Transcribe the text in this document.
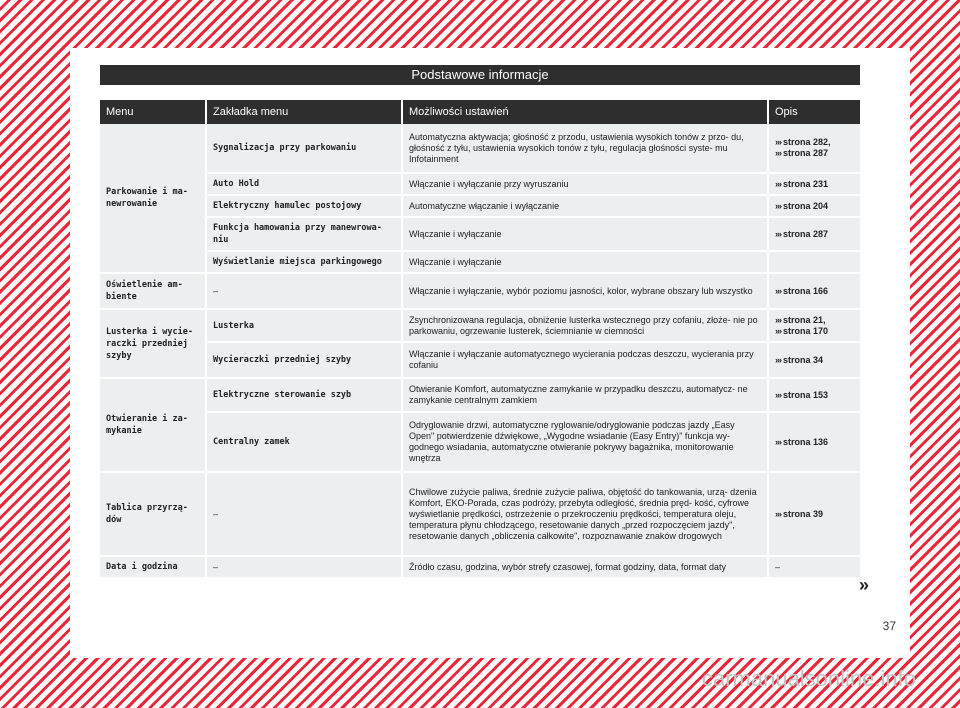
Podstawowe informacje
Menu	Zakładka menu	Możliwości ustawień	Opis
Parkowanie i ma- newrowanie	Sygnalizacja przy parkowaniu	Automatyczna aktywacja; głośność z przodu, ustawienia wysokich tonów z przo- du, głośność z tyłu, ustawienia wysokich tonów z tyłu, regulacja głośności syste- mu Infotainment	››› strona 282,
››› strona 287
	Auto Hold	Włączanie i wyłączanie przy wyruszaniu	››› strona 231
	Elektryczny hamulec postojowy	Automatyczne włączanie i wyłączanie	››› strona 204
	Funkcja hamowania przy manewrowa- niu	Włączanie i wyłączanie	››› strona 287
	Wyświetlanie miejsca parkingowego	Włączanie i wyłączanie	
Oświetlenie am- biente	–	Włączanie i wyłączanie, wybór poziomu jasności, kolor, wybrane obszary lub wszystko	››› strona 166
Lusterka i wycie- raczki przedniej szyby	Lusterka	Zsynchronizowana regulacja, obniżenie lusterka wstecznego przy cofaniu, złoże- nie po parkowaniu, ogrzewanie lusterek, ściemnianie w ciemności	››› strona 21,
››› strona 170
	Wycieraczki przedniej szyby	Włączanie i wyłączanie automatycznego wycierania podczas deszczu, wycierania przy cofaniu	››› strona 34
Otwieranie i za- mykanie	Elektryczne sterowanie szyb	Otwieranie Komfort, automatyczne zamykanie w przypadku deszczu, automatycz- ne zamykanie centralnym zamkiem	››› strona 153
	Centralny zamek	Odryglowanie drzwi, automatyczne ryglowanie/odryglowanie podczas jazdy „Easy Open" potwierdzenie dźwiękowe, „Wygodne wsiadanie (Easy Entry)" funkcja wy- godnego wsiadania, automatyczne otwieranie pokrywy bagażnika, monitorowanie wnętrza	››› strona 136
Tablica przyrzą- dów	–	Chwilowe zużycie paliwa, średnie zużycie paliwa, objętość do tankowania, urzą- dzenia Komfort, EKO-Porada, czas podróży, przebyta odległość, średnia pręd- kość, cyfrowe wyświetlanie prędkości, ostrzeżenie o przekroczeniu prędkości, temperatura oleju, temperatura płynu chłodzącego, resetowanie danych „przed rozpoczęciem jazdy", resetowanie danych „obliczenia całkowite", rozpoznawanie znaków drogowych	››› strona 39
Data i godzina	–	Źródło czasu, godzina, wybór strefy czasowej, format godziny, data, format daty	–
»
37
carmanualsonline.info
